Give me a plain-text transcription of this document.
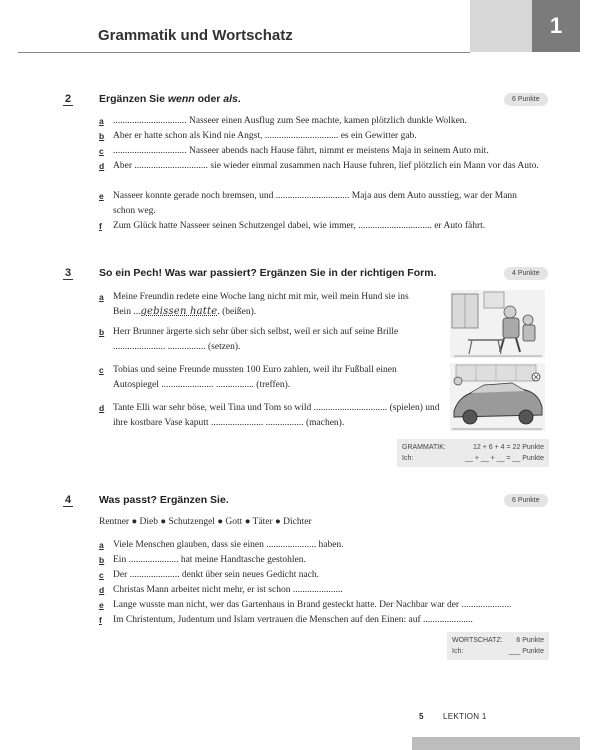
Grammatik und Wortschatz	1
2	Ergänzen Sie wenn oder als.	6 Punkte
a ............................... Nasseer einen Ausflug zum See machte, kamen plötzlich dunkle Wolken.
b Aber er hatte schon als Kind nie Angst, ............................... es ein Gewitter gab.
c ............................... Nasseer abends nach Hause fährt, nimmt er meistens Maja in seinem Auto mit.
d Aber ............................... sie wieder einmal zusammen nach Hause fuhren, lief plötzlich ein Mann vor das Auto.
e Nasseer konnte gerade noch bremsen, und ............................... Maja aus dem Auto ausstieg, war der Mann schon weg.
f Zum Glück hatte Nasseer seinen Schutzengel dabei, wie immer, ............................... er Auto fährt.
3	So ein Pech! Was war passiert? Ergänzen Sie in der richtigen Form.	4 Punkte
a Meine Freundin redete eine Woche lang nicht mit mir, weil mein Hund sie ins
Bein ...gebissen hatte. (beißen).
b Herr Brunner ärgerte sich sehr über sich selbst, weil er sich auf seine Brille ...................... ................ (setzen).
c Tobias und seine Freunde mussten 100 Euro zahlen, weil ihr Fußball einen Autospiegel ...................... ................ (treffen).
d Tante Elli war sehr böse, weil Tina und Tom so wild ............................... (spielen) und ihre kostbare Vase kaputt ...................... ................ (machen).
GRAMMATIK:	12 + 6 + 4 = 22 Punkte
Ich:	__ + __ + __ = __ Punkte
4	Was passt? Ergänzen Sie.	6 Punkte
Rentner ● Dieb ● Schutzengel ● Gott ● Täter ● Dichter
a Viele Menschen glauben, dass sie einen ..................... haben.
b Ein ..................... hat meine Handtasche gestohlen.
c Der ..................... denkt über sein neues Gedicht nach.
d Christas Mann arbeitet nicht mehr, er ist schon .....................
e Lange wusste man nicht, wer das Gartenhaus in Brand gesteckt hatte. Der Nachbar war der .....................
f Im Christentum, Judentum und Islam vertrauen die Menschen auf den Einen: auf .....................
WORTSCHATZ: 6 Punkte
Ich:	___ Punkte
5 LEKTION 1
